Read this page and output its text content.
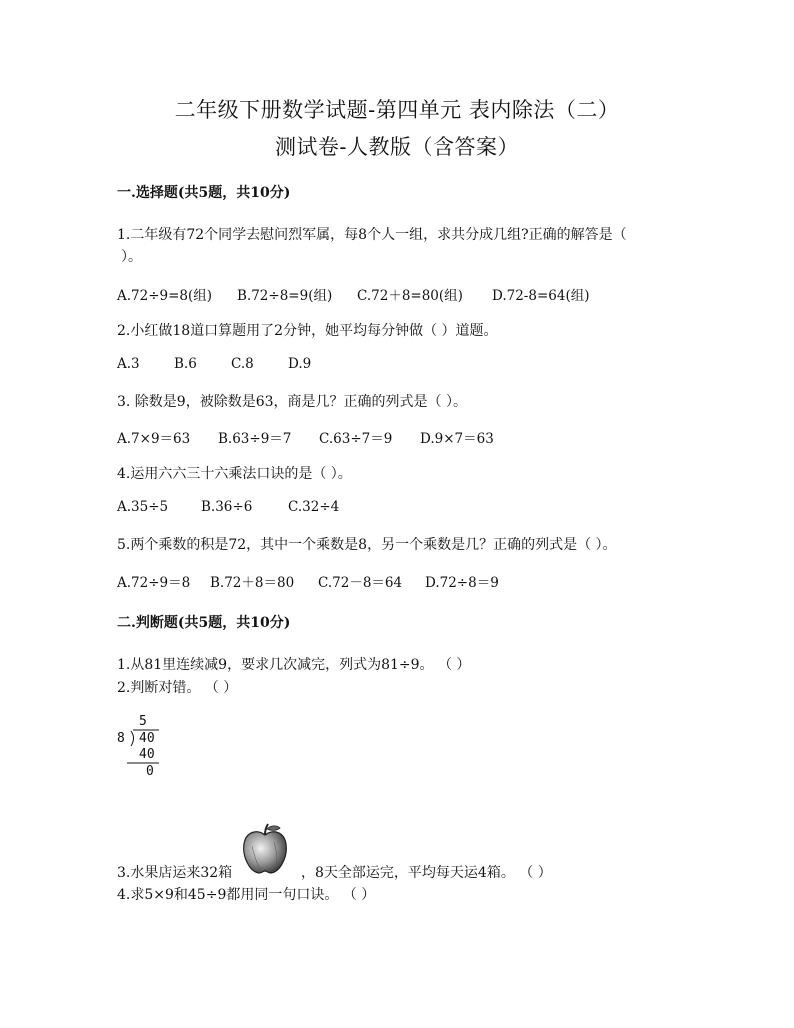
二年级下册数学试题-第四单元 表内除法（二）
测试卷-人教版（含答案）
一.选择题(共5题，共10分)
1.二年级有72个同学去慰问烈军属，每8个人一组，求共分成几组?正确的解答是（
）。
A.72÷9=8(组) B.72÷8=9(组) C.72＋8=80(组) D.72-8=64(组)
2.小红做18道口算题用了2分钟，她平均每分钟做（ ）道题。
A.3	B.6	C.8	D.9
3. 除数是9，被除数是63，商是几？正确的列式是（ ）。
A.7×9＝63 B.63÷9＝7 C.63÷7＝9 D.9×7＝63
4.运用六六三十六乘法口诀的是（ ）。
A.35÷5 B.36÷6	C.32÷4
5.两个乘数的积是72，其中一个乘数是8，另一个乘数是几？正确的列式是（ ）。
A.72÷9＝8 B.72＋8＝80 C.72－8＝64 D.72÷8＝9
二.判断题(共5题，共10分)
1.从81里连续减9，要求几次减完，列式为81÷9。 （ ）
2.判断对错。 （ ）
5
8 40
40
0
3.水果店运来32箱	，8天全部运完，平均每天运4箱。 （ ）
4.求5×9和45÷9都用同一句口诀。 （ ）
